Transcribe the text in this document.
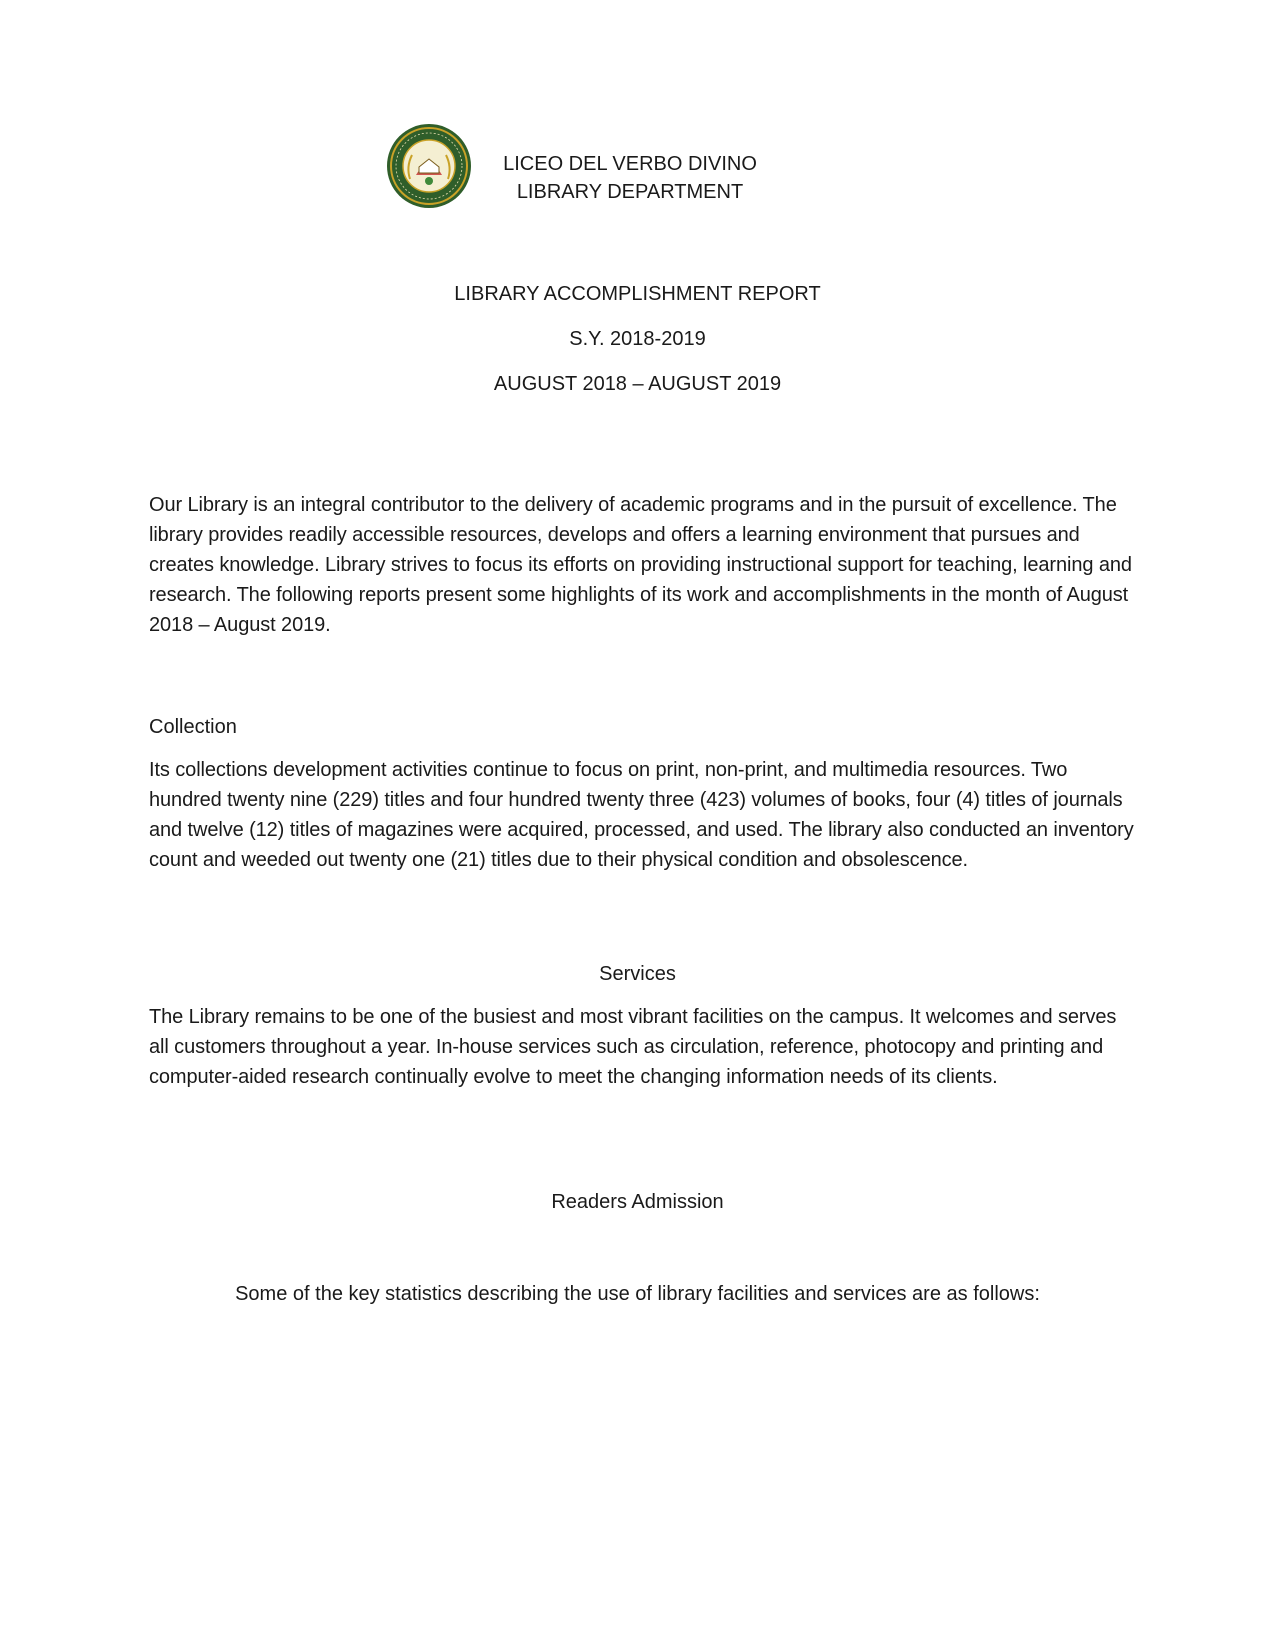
LICEO DEL VERBO DIVINO
LIBRARY DEPARTMENT
LIBRARY ACCOMPLISHMENT REPORT
S.Y. 2018-2019
AUGUST 2018 – AUGUST 2019

Our Library is an integral contributor to the delivery of academic programs and in the pursuit of excellence. The library provides readily accessible resources, develops and offers a learning environment that pursues and creates knowledge. Library strives to focus its efforts on providing instructional support for teaching, learning and research. The following reports present some highlights of its work and accomplishments in the month of August 2018 – August 2019.

Collection

Its collections development activities continue to focus on print, non-print, and multimedia resources. Two hundred twenty nine (229) titles and four hundred twenty three (423) volumes of books, four (4) titles of journals and twelve (12) titles of magazines were acquired, processed, and used. The library also conducted an inventory count and weeded out twenty one (21) titles due to their physical condition and obsolescence.

Services

The Library remains to be one of the busiest and most vibrant facilities on the campus. It welcomes and serves all customers throughout a year. In-house services such as circulation, reference, photocopy and printing and computer-aided research continually evolve to meet the changing information needs of its clients.

Readers Admission
Some of the key statistics describing the use of library facilities and services are as follows:
